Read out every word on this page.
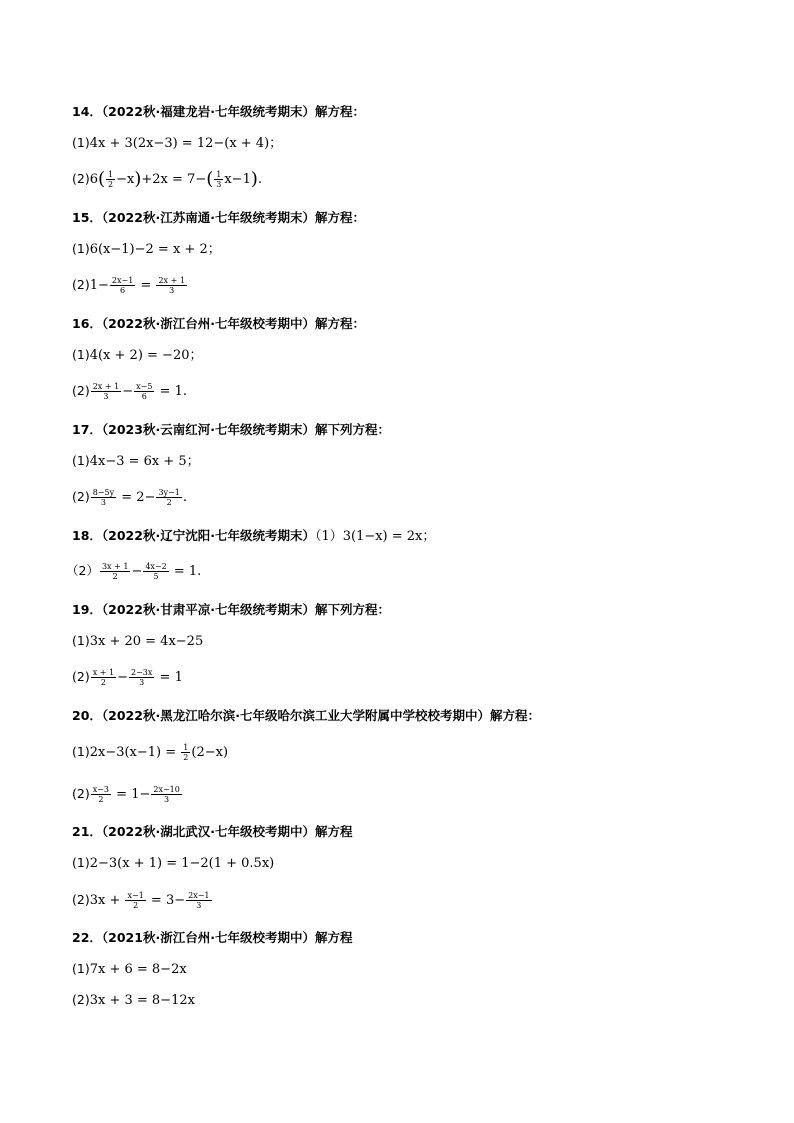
14．（2022秋·福建龙岩·七年级统考期末）解方程：
(1)4x + 3(2x−3) = 12−(x + 4)；
$(2)6( \frac{1}{2} -x)+2x = 7-( \frac{1}{3} x-1)$.
15．（2022秋·江苏南通·七年级统考期末）解方程：
(1)6(x−1)−2 = x + 2；
$(2)1- \frac{2x-1}{6} = \frac{2x + 1}{3}$
16．（2022秋·浙江台州·七年级校考期中）解方程：
(1)4(x + 2) = −20；
$(2) \frac{2x + 1}{3} - \frac{x-5}{6} = 1$.
17．（2023秋·云南红河·七年级统考期末）解下列方程：
(1)4x−3 = 6x + 5；
$(2) \frac{8-5y}{3} = 2- \frac{3y-1}{2}$ .
18．（2022秋·辽宁沈阳·七年级统考期末）（1）3(1−x) = 2x；
$(2) \frac{3x + 1}{2} - \frac{4x-2}{5} = 1$.
19．（2022秋·甘肃平凉·七年级统考期末）解下列方程：
(1)3x + 20 = 4x−25
$(2) \frac{x + 1}{2} - \frac{2-3x}{3} = 1$
20．（2022秋·黑龙江哈尔滨·七年级哈尔滨工业大学附属中学校校考期中）解方程：
$(1)2x-3(x-1) = \frac{1}{2} (2-x)$
$(2) \frac{x-3}{2} = 1- \frac{2x-10}{3}$
21．（2022秋·湖北武汉·七年级校考期中）解方程
(1)2−3(x + 1) = 1−2(1 + 0.5x)
$(2)3x + \frac{x-1}{2} = 3- \frac{2x-1}{3}$
22．（2021秋·浙江台州·七年级校考期中）解方程
(1)7x + 6 = 8−2x
(2)3x + 3 = 8−12x
